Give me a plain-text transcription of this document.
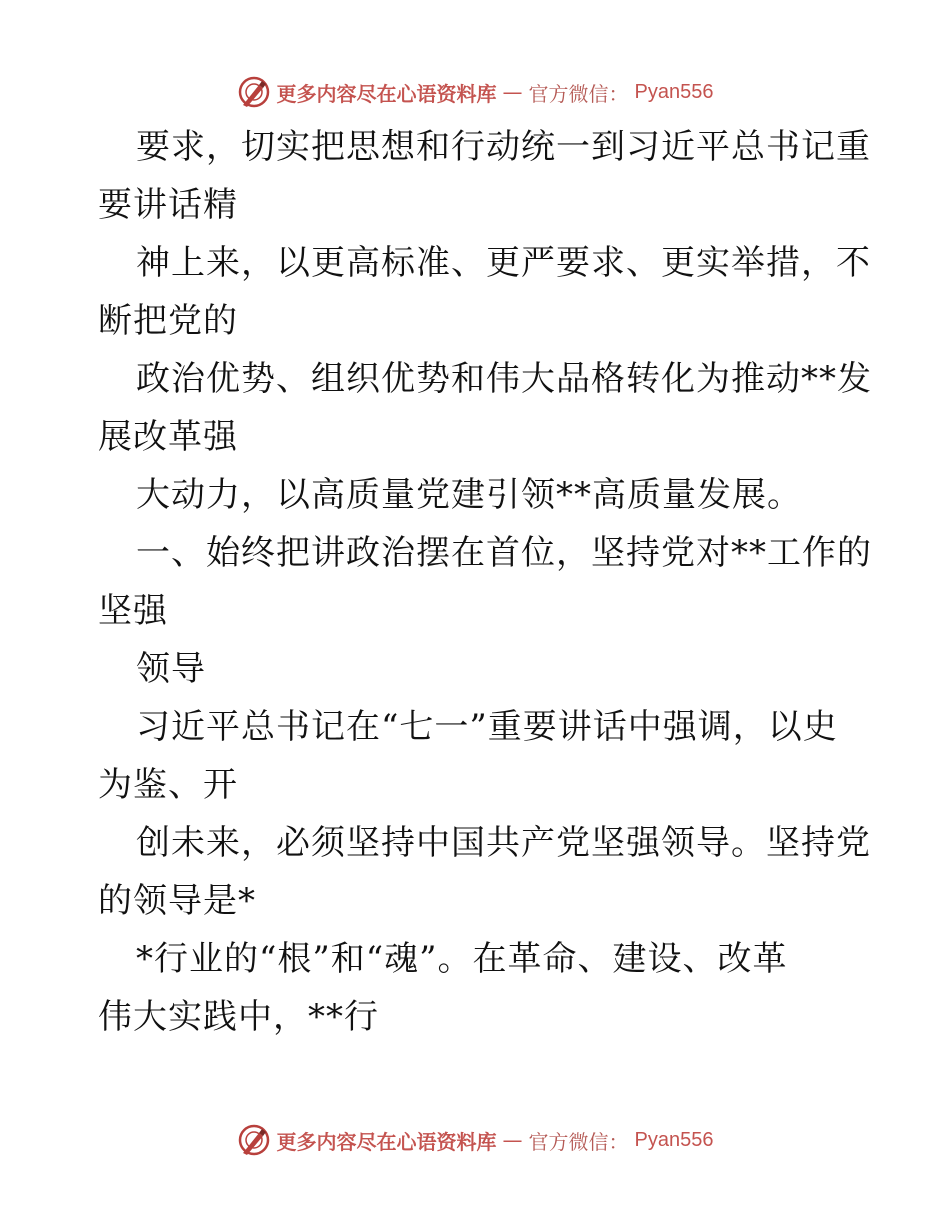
更多内容尽在心语资料库 — 官方微信： Pyan556
要求，切实把思想和行动统一到习近平总书记重
要讲话精
神上来，以更高标准、更严要求、更实举措，不
断把党的
政治优势、组织优势和伟大品格转化为推动**发
展改革强
大动力，以高质量党建引领**高质量发展。
一、始终把讲政治摆在首位，坚持党对**工作的
坚强
领导
习近平总书记在“七一”重要讲话中强调，以史
为鉴、开
创未来，必须坚持中国共产党坚强领导。坚持党
的领导是*
*行业的“根”和“魂”。在革命、建设、改革
伟大实践中，**行
更多内容尽在心语资料库 — 官方微信： Pyan556
